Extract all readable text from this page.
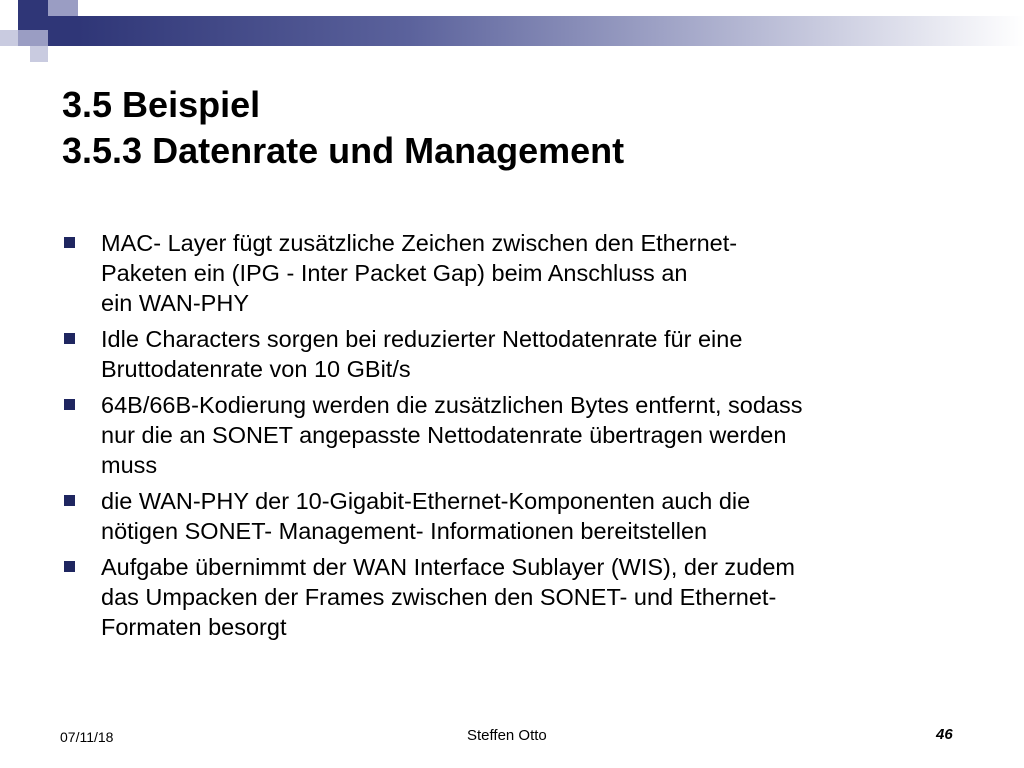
3.5 Beispiel
3.5.3 Datenrate und Management
MAC- Layer fügt zusätzliche Zeichen zwischen den Ethernet-
Paketen ein (IPG - Inter Packet Gap) beim Anschluss an
ein WAN-PHY
Idle Characters sorgen bei reduzierter Nettodatenrate für eine
Bruttodatenrate von 10 GBit/s
64B/66B-Kodierung werden die zusätzlichen Bytes entfernt, sodass
nur die an SONET angepasste Nettodatenrate übertragen werden
muss
die WAN-PHY der 10-Gigabit-Ethernet-Komponenten auch die
nötigen SONET- Management- Informationen bereitstellen
Aufgabe übernimmt der WAN Interface Sublayer (WIS), der zudem
das Umpacken der Frames zwischen den SONET- und Ethernet-
Formaten besorgt
07/11/18	Steffen Otto	46
